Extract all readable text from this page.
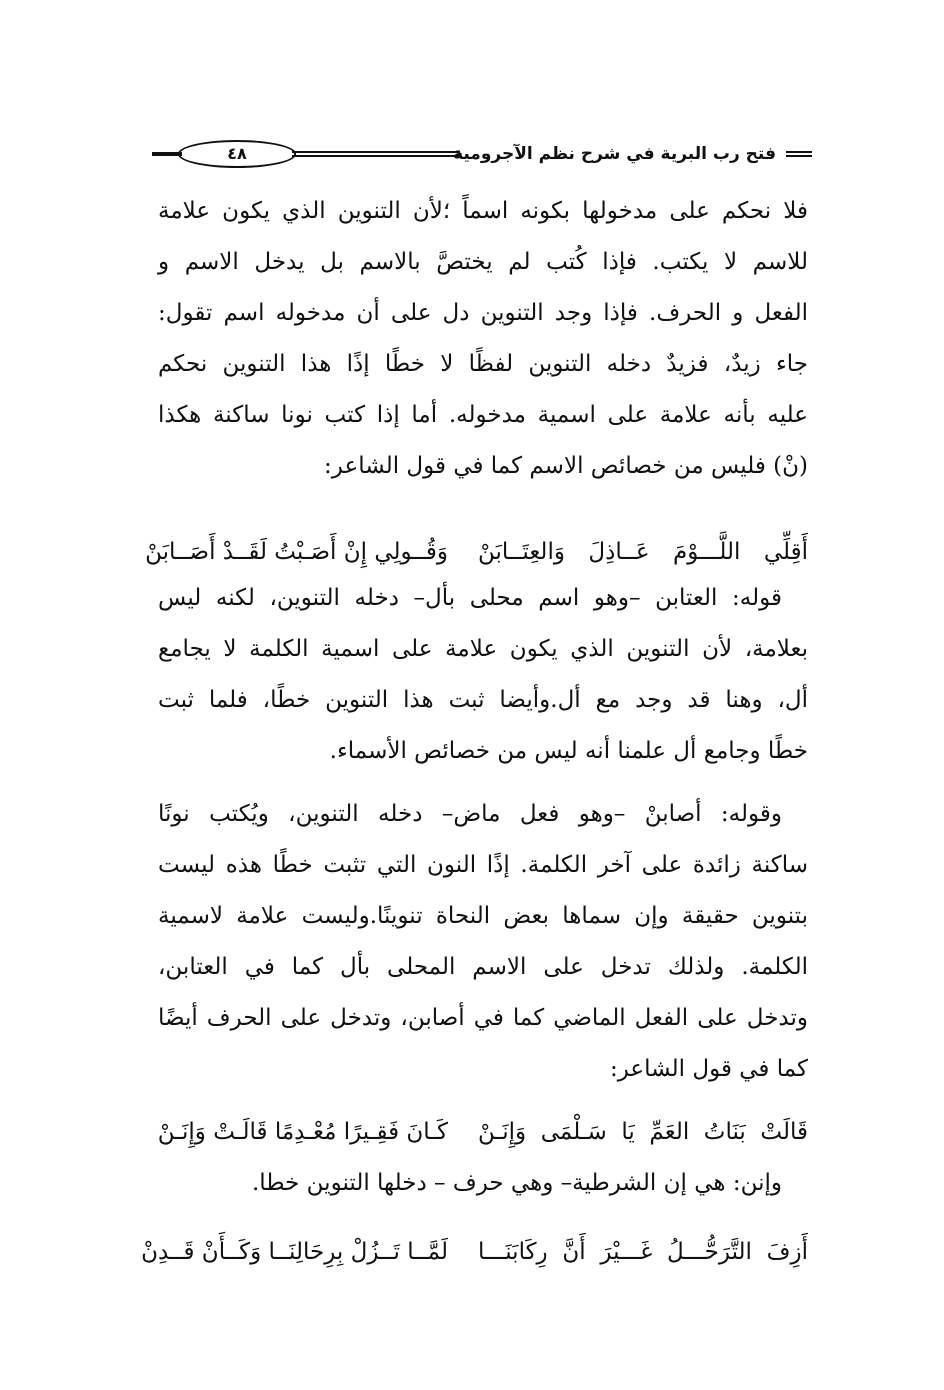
فتح رب البرية في شرح نظم الآجرومية
٤٨
فلا نحكم على مدخولها بكونه اسماً ؛لأن التنوين الذي يكون علامة
للاسم لا يكتب. فإذا كُتب لم يختصَّ بالاسم بل يدخل الاسم و
الفعل و الحرف. فإذا وجد التنوين دل على أن مدخوله اسم تقول:
جاء زيدٌ، فزيدٌ دخله التنوين لفظًا لا خطًا إذًا هذا التنوين نحكم
عليه بأنه علامة على اسمية مدخوله. أما إذا كتب نونا ساكنة هكذا
(نْ) فليس من خصائص الاسم كما في قول الشاعر:
أَقِلِّي اللَّـــوْمَ عَــاذِلَ وَالعِتَــابَنْ
وَقُــولِي إِنْ أَصَـبْتُ لَقَــدْ أَصَــابَنْ
قوله: العتابن –وهو اسم محلى بأل– دخله التنوين، لكنه ليس
بعلامة، لأن التنوين الذي يكون علامة على اسمية الكلمة لا يجامع
أل، وهنا قد وجد مع أل.وأيضا ثبت هذا التنوين خطًا، فلما ثبت
خطًا وجامع أل علمنا أنه ليس من خصائص الأسماء.
وقوله: أصابنْ –وهو فعل ماض– دخله التنوين، ويُكتب نونًا
ساكنة زائدة على آخر الكلمة. إذًا النون التي تثبت خطًا هذه ليست
بتنوين حقيقة وإن سماها بعض النحاة تنوينًا.وليست علامة لاسمية
الكلمة. ولذلك تدخل على الاسم المحلى بأل كما في العتابن،
وتدخل على الفعل الماضي كما في أصابن، وتدخل على الحرف أيضًا
كما في قول الشاعر:
قَالَتْ بَنَاتُ العَمِّ يَا سَـلْمَى وَإِنَـنْ
كَـانَ فَقِـيرًا مُعْـدِمًا قَالَـتْ وَإِنَـنْ
وإنن: هي إن الشرطية– وهي حرف – دخلها التنوين خطا.
أَزِفَ التَّرَحُّـــلُ غَـــيْرَ أَنَّ رِكَابَنَـــا
لَمَّــا تَــزُلْ بِرِحَالِنَــا وَكَــأَنْ قَــدِنْ
